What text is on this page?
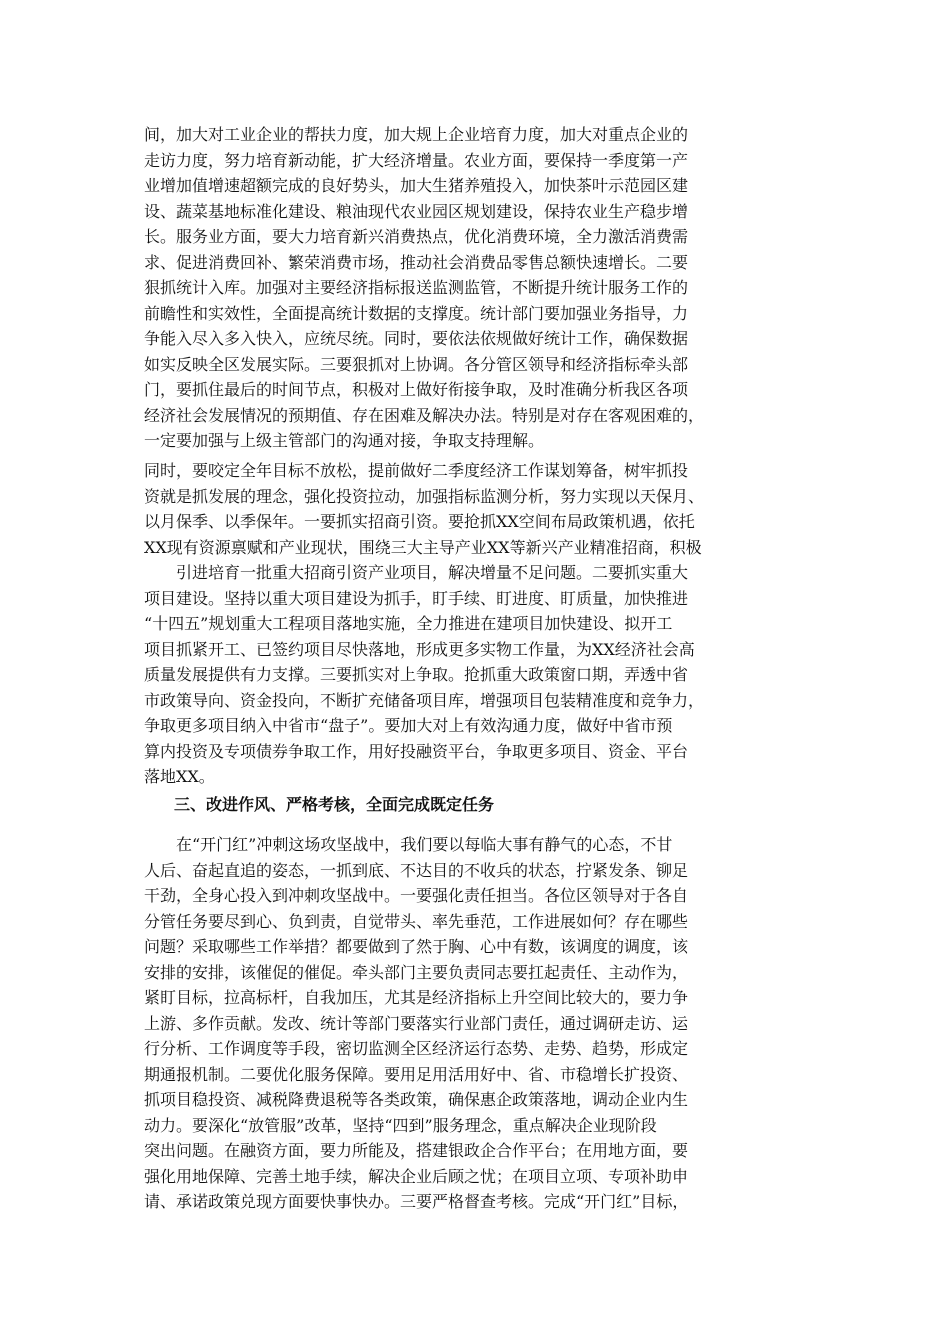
间，加大对工业企业的帮扶力度，加大规上企业培育力度，加大对重点企业的
走访力度，努力培育新动能，扩大经济增量。农业方面，要保持一季度第一产
业增加值增速超额完成的良好势头，加大生猪养殖投入，加快茶叶示范园区建
设、蔬菜基地标准化建设、粮油现代农业园区规划建设，保持农业生产稳步增
长。服务业方面，要大力培育新兴消费热点，优化消费环境，全力激活消费需
求、促进消费回补、繁荣消费市场，推动社会消费品零售总额快速增长。二要
狠抓统计入库。加强对主要经济指标报送监测监管，不断提升统计服务工作的
前瞻性和实效性，全面提高统计数据的支撑度。统计部门要加强业务指导，力
争能入尽入多入快入，应统尽统。同时，要依法依规做好统计工作，确保数据
如实反映全区发展实际。三要狠抓对上协调。各分管区领导和经济指标牵头部
门，要抓住最后的时间节点，积极对上做好衔接争取，及时准确分析我区各项
经济社会发展情况的预期值、存在困难及解决办法。特别是对存在客观困难的，
一定要加强与上级主管部门的沟通对接，争取支持理解。
同时，要咬定全年目标不放松，提前做好二季度经济工作谋划筹备，树牢抓投
资就是抓发展的理念，强化投资拉动，加强指标监测分析，努力实现以天保月、
以月保季、以季保年。一要抓实招商引资。要抢抓XX空间布局政策机遇，依托
XX现有资源禀赋和产业现状，围绕三大主导产业XX等新兴产业精准招商，积极
引进培育一批重大招商引资产业项目，解决增量不足问题。二要抓实重大
项目建设。坚持以重大项目建设为抓手，盯手续、盯进度、盯质量，加快推进
“十四五”规划重大工程项目落地实施，全力推进在建项目加快建设、拟开工
项目抓紧开工、已签约项目尽快落地，形成更多实物工作量，为XX经济社会高
质量发展提供有力支撑。三要抓实对上争取。抢抓重大政策窗口期，弄透中省
市政策导向、资金投向，不断扩充储备项目库，增强项目包装精准度和竞争力，
争取更多项目纳入中省市“盘子”。要加大对上有效沟通力度，做好中省市预
算内投资及专项债券争取工作，用好投融资平台，争取更多项目、资金、平台
落地XX。
三、改进作风、严格考核，全面完成既定任务
在“开门红”冲刺这场攻坚战中，我们要以每临大事有静气的心态，不甘
人后、奋起直追的姿态，一抓到底、不达目的不收兵的状态，拧紧发条、铆足
干劲，全身心投入到冲刺攻坚战中。一要强化责任担当。各位区领导对于各自
分管任务要尽到心、负到责，自觉带头、率先垂范，工作进展如何？存在哪些
问题？采取哪些工作举措？都要做到了然于胸、心中有数，该调度的调度，该
安排的安排，该催促的催促。牵头部门主要负责同志要扛起责任、主动作为，
紧盯目标，拉高标杆，自我加压，尤其是经济指标上升空间比较大的，要力争
上游、多作贡献。发改、统计等部门要落实行业部门责任，通过调研走访、运
行分析、工作调度等手段，密切监测全区经济运行态势、走势、趋势，形成定
期通报机制。二要优化服务保障。要用足用活用好中、省、市稳增长扩投资、
抓项目稳投资、减税降费退税等各类政策，确保惠企政策落地，调动企业内生
动力。要深化“放管服”改革，坚持“四到”服务理念，重点解决企业现阶段
突出问题。在融资方面，要力所能及，搭建银政企合作平台；在用地方面，要
强化用地保障、完善土地手续，解决企业后顾之忧；在项目立项、专项补助申
请、承诺政策兑现方面要快事快办。三要严格督查考核。完成“开门红”目标，
